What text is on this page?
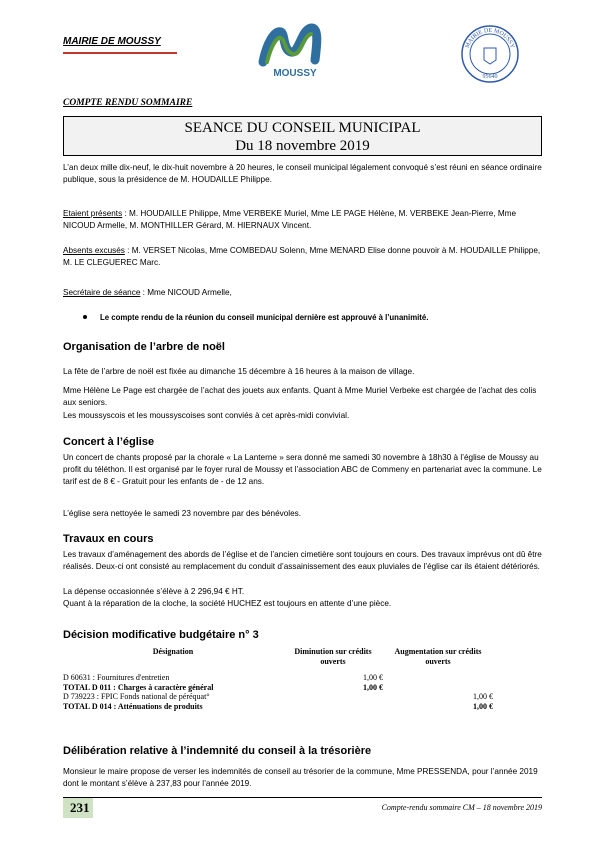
MAIRIE DE MOUSSY
MOUSSY
MAIRIE DE MOUSSY
95640
COMPTE RENDU SOMMAIRE
SEANCE DU CONSEIL MUNICIPAL
Du 18 novembre 2019
L’an deux mille dix-neuf, le dix-huit novembre à 20 heures, le conseil municipal légalement convoqué s’est réuni en séance ordinaire publique, sous la présidence de M. HOUDAILLE Philippe.
Etaient présents : M. HOUDAILLE Philippe, Mme VERBEKE Muriel, Mme LE PAGE Hélène, M. VERBEKE Jean-Pierre, Mme NICOUD Armelle, M. MONTHILLER Gérard, M. HIERNAUX Vincent.
Absents excusés : M. VERSET Nicolas, Mme COMBEDAU Solenn, Mme MENARD Elise donne pouvoir à M. HOUDAILLE Philippe, M. LE CLEGUEREC Marc.
Secrétaire de séance : Mme NICOUD Armelle,
Le compte rendu de la réunion du conseil municipal dernière est approuvé à l’unanimité.
Organisation de l’arbre de noël
La fête de l’arbre de noël est fixée au dimanche 15 décembre à 16 heures à la maison de village.
Mme Hélène Le Page est chargée de l’achat des jouets aux enfants. Quant à Mme Muriel Verbeke est chargée de l’achat des colis aux seniors.
Les moussyscois et les moussyscoises sont conviés à cet après-midi convivial.
Concert à l’église
Un concert de chants proposé par la chorale « La Lanterne » sera donné me samedi 30 novembre à 18h30 à l’église de Moussy au profit du téléthon. Il est organisé par le foyer rural de Moussy et l’association ABC de Commeny en partenariat avec la commune. Le tarif est de 8 € - Gratuit pour les enfants de - de 12 ans.
L’église sera nettoyée le samedi 23 novembre par des bénévoles.
Travaux en cours
Les travaux d’aménagement des abords de l’église et de l’ancien cimetière sont toujours en cours. Des travaux imprévus ont dû être réalisés. Deux-ci ont consisté au remplacement du conduit d’assainissement des eaux pluviales de l’église car ils étaient détériorés.
La dépense occasionnée s’élève à 2 296,94 € HT.
Quant à la réparation de la cloche, la société HUCHEZ est toujours en attente d’une pièce.
Décision modificative budgétaire n° 3
Désignation	Diminution sur crédits ouverts	Augmentation sur crédits ouverts
D 60631 : Fournitures d'entretien	1,00 €	
TOTAL D 011 : Charges à caractère général	1,00 €	
D 739223 : FPIC Fonds national de péréquat°		1,00 €
TOTAL D 014 : Atténuations de produits		1,00 €
Délibération relative à l’indemnité du conseil à la trésorière
Monsieur le maire propose de verser les indemnités de conseil au trésorier de la commune, Mme PRESSENDA, pour l’année 2019 dont le montant s’élève à 237,83 pour l’année 2019.
231	Compte-rendu sommaire CM – 18 novembre 2019
